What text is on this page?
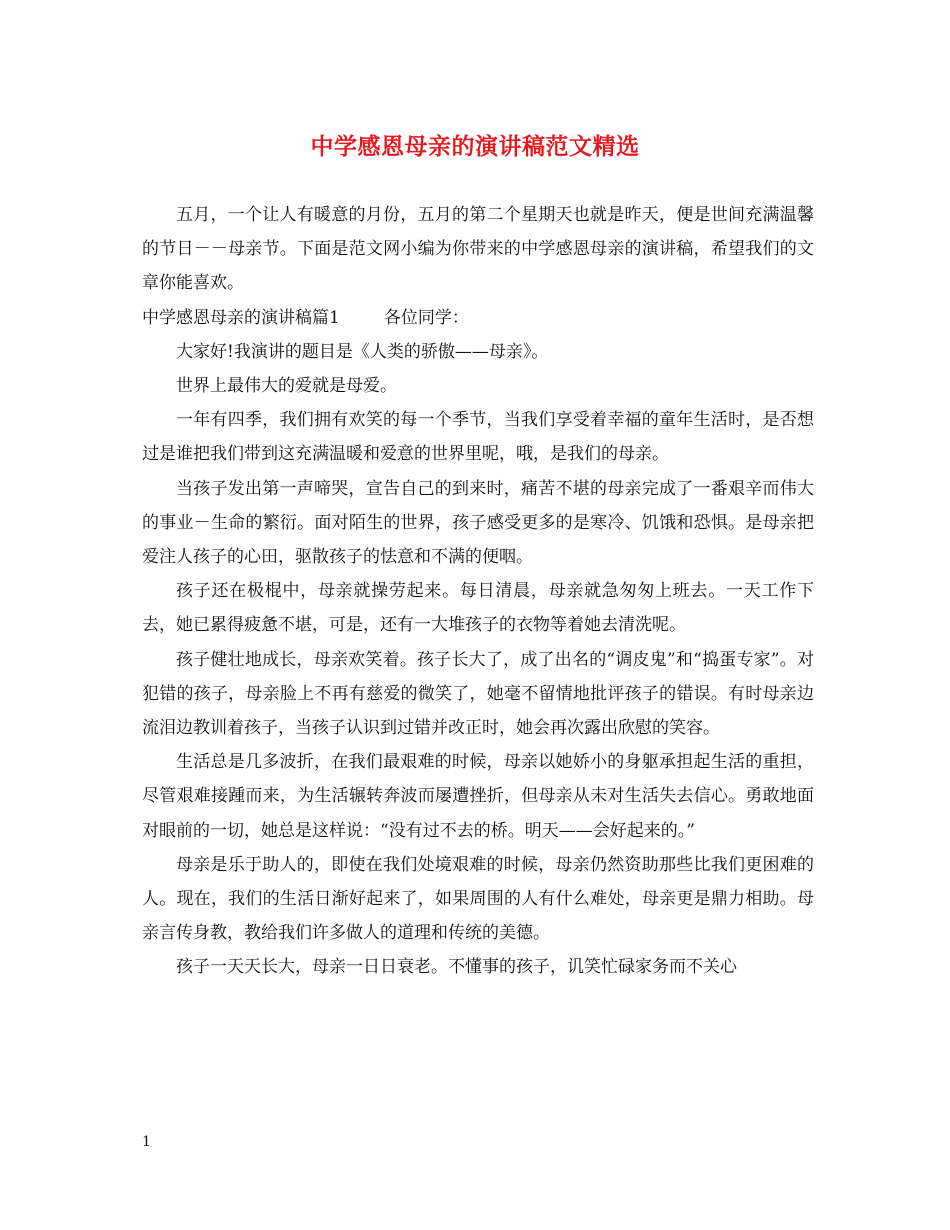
中学感恩母亲的演讲稿范文精选

五月，一个让人有暖意的月份，五月的第二个星期天也就是昨天，便是世间充满温馨的节日－－母亲节。下面是范文网小编为你带来的中学感恩母亲的演讲稿，希望我们的文章你能喜欢。

中学感恩母亲的演讲稿篇1	各位同学：

大家好!我演讲的题目是《人类的骄傲——母亲》。

世界上最伟大的爱就是母爱。

一年有四季，我们拥有欢笑的每一个季节，当我们享受着幸福的童年生活时，是否想过是谁把我们带到这充满温暖和爱意的世界里呢，哦，是我们的母亲。

当孩子发出第一声啼哭，宣告自己的到来时，痛苦不堪的母亲完成了一番艰辛而伟大的事业－生命的繁衍。面对陌生的世界，孩子感受更多的是寒冷、饥饿和恐惧。是母亲把爱注人孩子的心田，驱散孩子的怯意和不满的便咽。

孩子还在极棍中，母亲就操劳起来。每日清晨，母亲就急匆匆上班去。一天工作下去，她已累得疲惫不堪，可是，还有一大堆孩子的衣物等着她去清洗呢。

孩子健壮地成长，母亲欢笑着。孩子长大了，成了出名的“调皮鬼”和“捣蛋专家”。对犯错的孩子，母亲脸上不再有慈爱的微笑了，她毫不留情地批评孩子的错误。有时母亲边流泪边教训着孩子，当孩子认识到过错并改正时，她会再次露出欣慰的笑容。

生活总是几多波折，在我们最艰难的时候，母亲以她娇小的身躯承担起生活的重担，尽管艰难接踵而来，为生活辗转奔波而屡遭挫折，但母亲从未对生活失去信心。勇敢地面对眼前的一切，她总是这样说：“没有过不去的桥。明天——会好起来的。”

母亲是乐于助人的，即使在我们处境艰难的时候，母亲仍然资助那些比我们更困难的人。现在，我们的生活日渐好起来了，如果周围的人有什么难处，母亲更是鼎力相助。母亲言传身教，教给我们许多做人的道理和传统的美德。

孩子一天天长大，母亲一日日衰老。不懂事的孩子，讥笑忙碌家务而不关心

1
